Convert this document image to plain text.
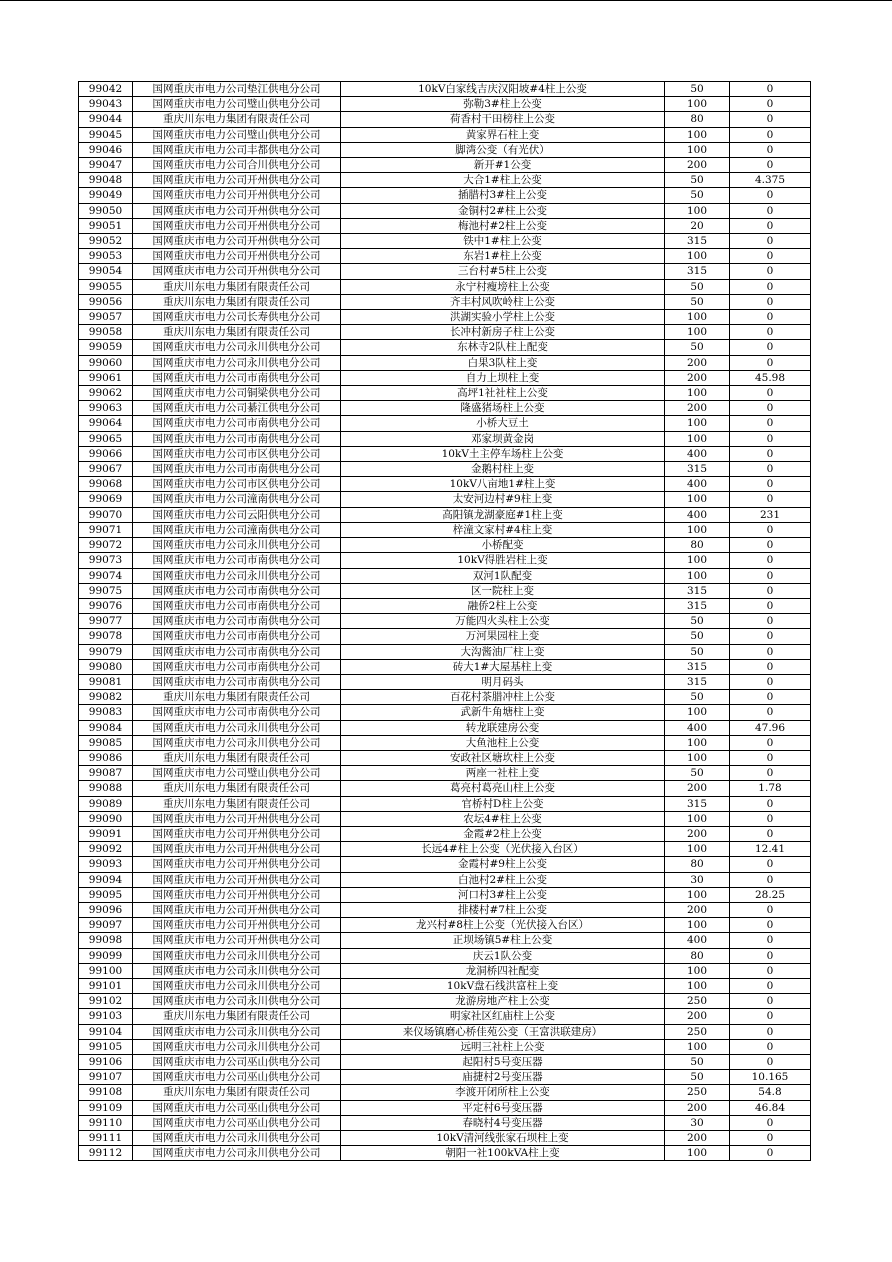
99042	国网重庆市电力公司垫江供电分公司	10kV白家线吉庆汉阳坡#4柱上公变	50	0
99043	国网重庆市电力公司璧山供电分公司	弥勒3#柱上公变	100	0
99044	重庆川东电力集团有限责任公司	荷香村干田榜柱上公变	80	0
99045	国网重庆市电力公司璧山供电分公司	黄家界石柱上变	100	0
99046	国网重庆市电力公司丰都供电分公司	脚湾公变（有光伏）	100	0
99047	国网重庆市电力公司合川供电分公司	新开#1公变	200	0
99048	国网重庆市电力公司开州供电分公司	大合1#柱上公变	50	4.375
99049	国网重庆市电力公司开州供电分公司	插腊村3#柱上公变	50	0
99050	国网重庆市电力公司开州供电分公司	金铜村2#柱上公变	100	0
99051	国网重庆市电力公司开州供电分公司	梅池村#2柱上公变	20	0
99052	国网重庆市电力公司开州供电分公司	铁中1#柱上公变	315	0
99053	国网重庆市电力公司开州供电分公司	东岩1#柱上公变	100	0
99054	国网重庆市电力公司开州供电分公司	三台村#5柱上公变	315	0
99055	重庆川东电力集团有限责任公司	永宁村瘦塝柱上公变	50	0
99056	重庆川东电力集团有限责任公司	齐丰村风吹岭柱上公变	50	0
99057	国网重庆市电力公司长寿供电分公司	洪湖实验小学柱上公变	100	0
99058	重庆川东电力集团有限责任公司	长冲村新房子柱上公变	100	0
99059	国网重庆市电力公司永川供电分公司	东林寺2队柱上配变	50	0
99060	国网重庆市电力公司永川供电分公司	白果3队柱上变	200	0
99061	国网重庆市电力公司市南供电分公司	自力上坝柱上变	200	45.98
99062	国网重庆市电力公司铜梁供电分公司	高坪1社社柱上公变	100	0
99063	国网重庆市电力公司綦江供电分公司	隆盛猪场柱上公变	200	0
99064	国网重庆市电力公司市南供电分公司	小桥大豆土	100	0
99065	国网重庆市电力公司市南供电分公司	邓家坝黄金岗	100	0
99066	国网重庆市电力公司市区供电分公司	10kV土主停车场柱上公变	400	0
99067	国网重庆市电力公司市南供电分公司	金鹅村柱上变	315	0
99068	国网重庆市电力公司市区供电分公司	10kV八亩地1#柱上变	400	0
99069	国网重庆市电力公司潼南供电分公司	太安河边村#9柱上变	100	0
99070	国网重庆市电力公司云阳供电分公司	高阳镇龙湖豪庭#1柱上变	400	231
99071	国网重庆市电力公司潼南供电分公司	梓潼文家村#4柱上变	100	0
99072	国网重庆市电力公司永川供电分公司	小桥配变	80	0
99073	国网重庆市电力公司市南供电分公司	10kV得胜岩柱上变	100	0
99074	国网重庆市电力公司永川供电分公司	双河1队配变	100	0
99075	国网重庆市电力公司市南供电分公司	区一院柱上变	315	0
99076	国网重庆市电力公司市南供电分公司	融侨2柱上公变	315	0
99077	国网重庆市电力公司市南供电分公司	万能四火头柱上公变	50	0
99078	国网重庆市电力公司市南供电分公司	万河果园柱上变	50	0
99079	国网重庆市电力公司市南供电分公司	大沟酱油厂柱上变	50	0
99080	国网重庆市电力公司市南供电分公司	砖大1#大屋基柱上变	315	0
99081	国网重庆市电力公司市南供电分公司	明月码头	315	0
99082	重庆川东电力集团有限责任公司	百花村茶腊冲柱上公变	50	0
99083	国网重庆市电力公司市南供电分公司	武新牛角塘柱上变	100	0
99084	国网重庆市电力公司永川供电分公司	转龙联建房公变	400	47.96
99085	国网重庆市电力公司永川供电分公司	大鱼池柱上公变	100	0
99086	重庆川东电力集团有限责任公司	安政社区塘坎柱上公变	100	0
99087	国网重庆市电力公司璧山供电分公司	两座一社柱上变	50	0
99088	重庆川东电力集团有限责任公司	葛亮村葛亮山柱上公变	200	1.78
99089	重庆川东电力集团有限责任公司	官桥村D柱上公变	315	0
99090	国网重庆市电力公司开州供电分公司	农坛4#柱上公变	100	0
99091	国网重庆市电力公司开州供电分公司	金霞#2柱上公变	200	0
99092	国网重庆市电力公司开州供电分公司	长远4#柱上公变（光伏接入台区）	100	12.41
99093	国网重庆市电力公司开州供电分公司	金霞村#9柱上公变	80	0
99094	国网重庆市电力公司开州供电分公司	白池村2#柱上公变	30	0
99095	国网重庆市电力公司开州供电分公司	河口村3#柱上公变	100	28.25
99096	国网重庆市电力公司开州供电分公司	排楼村#7柱上公变	200	0
99097	国网重庆市电力公司开州供电分公司	龙兴村#8柱上公变（光伏接入台区）	100	0
99098	国网重庆市电力公司开州供电分公司	正坝场镇5#柱上公变	400	0
99099	国网重庆市电力公司永川供电分公司	庆云1队公变	80	0
99100	国网重庆市电力公司永川供电分公司	龙洞桥四社配变	100	0
99101	国网重庆市电力公司永川供电分公司	10kV盘石线洪富柱上变	100	0
99102	国网重庆市电力公司永川供电分公司	龙游房地产柱上公变	250	0
99103	重庆川东电力集团有限责任公司	明家社区红庙柱上公变	200	0
99104	国网重庆市电力公司永川供电分公司	来仪场镇磨心桥佳苑公变（王富洪联建房）	250	0
99105	国网重庆市电力公司永川供电分公司	远明三社柱上公变	100	0
99106	国网重庆市电力公司巫山供电分公司	起阳村5号变压器	50	0
99107	国网重庆市电力公司巫山供电分公司	庙捷村2号变压器	50	10.165
99108	重庆川东电力集团有限责任公司	李渡开闭所柱上公变	250	54.8
99109	国网重庆市电力公司巫山供电分公司	平定村6号变压器	200	46.84
99110	国网重庆市电力公司巫山供电分公司	春晓村4号变压器	30	0
99111	国网重庆市电力公司永川供电分公司	10kV清河线张家石坝柱上变	200	0
99112	国网重庆市电力公司永川供电分公司	朝阳一社100kVA柱上变	100	0
